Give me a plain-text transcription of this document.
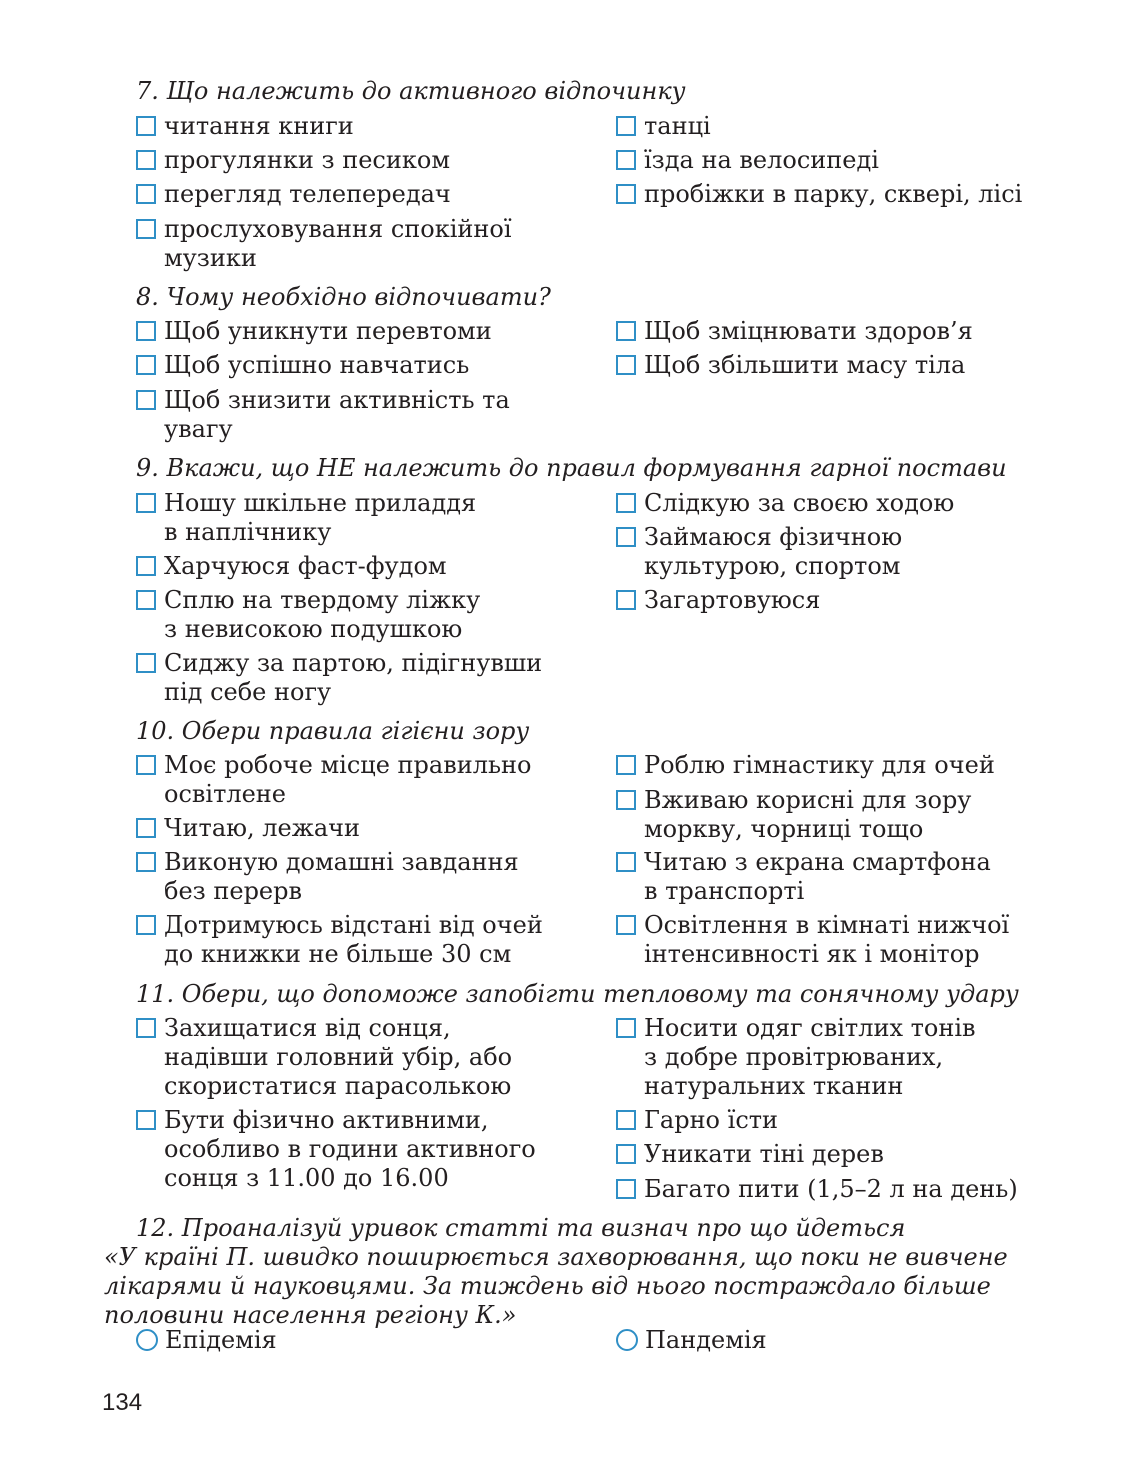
7. Що належить до активного відпочинку
читання книги
прогулянки з песиком
перегляд телепередач
прослуховування спокійної
музики
танці
їзда на велосипеді
пробіжки в парку, сквері, лісі
8. Чому необхідно відпочивати?
Щоб уникнути перевтоми
Щоб успішно навчатись
Щоб знизити активність та
увагу
Щоб зміцнювати здоров’я
Щоб збільшити масу тіла
9. Вкажи, що НЕ належить до правил формування гарної постави
Ношу шкільне приладдя
в наплічнику
Харчуюся фаст-фудом
Сплю на твердому ліжку
з невисокою подушкою
Сиджу за партою, підігнувши
під себе ногу
Слідкую за своєю ходою
Займаюся фізичною
культурою, спортом
Загартовуюся
10. Обери правила гігієни зору
Моє робоче місце правильно
освітлене
Читаю, лежачи
Виконую домашні завдання
без перерв
Дотримуюсь відстані від очей
до книжки не більше 30 см
Роблю гімнастику для очей
Вживаю корисні для зору
моркву, чорниці тощо
Читаю з екрана смартфона
в транспорті
Освітлення в кімнаті нижчої
інтенсивності як і монітор
11. Обери, що допоможе запобігти тепловому та сонячному удару
Захищатися від сонця,
надівши головний убір, або
скористатися парасолькою
Бути фізично активними,
особливо в години активного
сонця з 11.00 до 16.00
Носити одяг світлих тонів
з добре провітрюваних,
натуральних тканин
Гарно їсти
Уникати тіні дерев
Багато пити (1,5–2 л на день)
12. Проаналізуй уривок статті та визнач про що йдеться

«У країні П. швидко поширюється захворювання, що поки не вивчене
лікарями й науковцями. За тиждень від нього постраждало більше
половини населення регіону К.»

Епідемія	Пандемія
134
